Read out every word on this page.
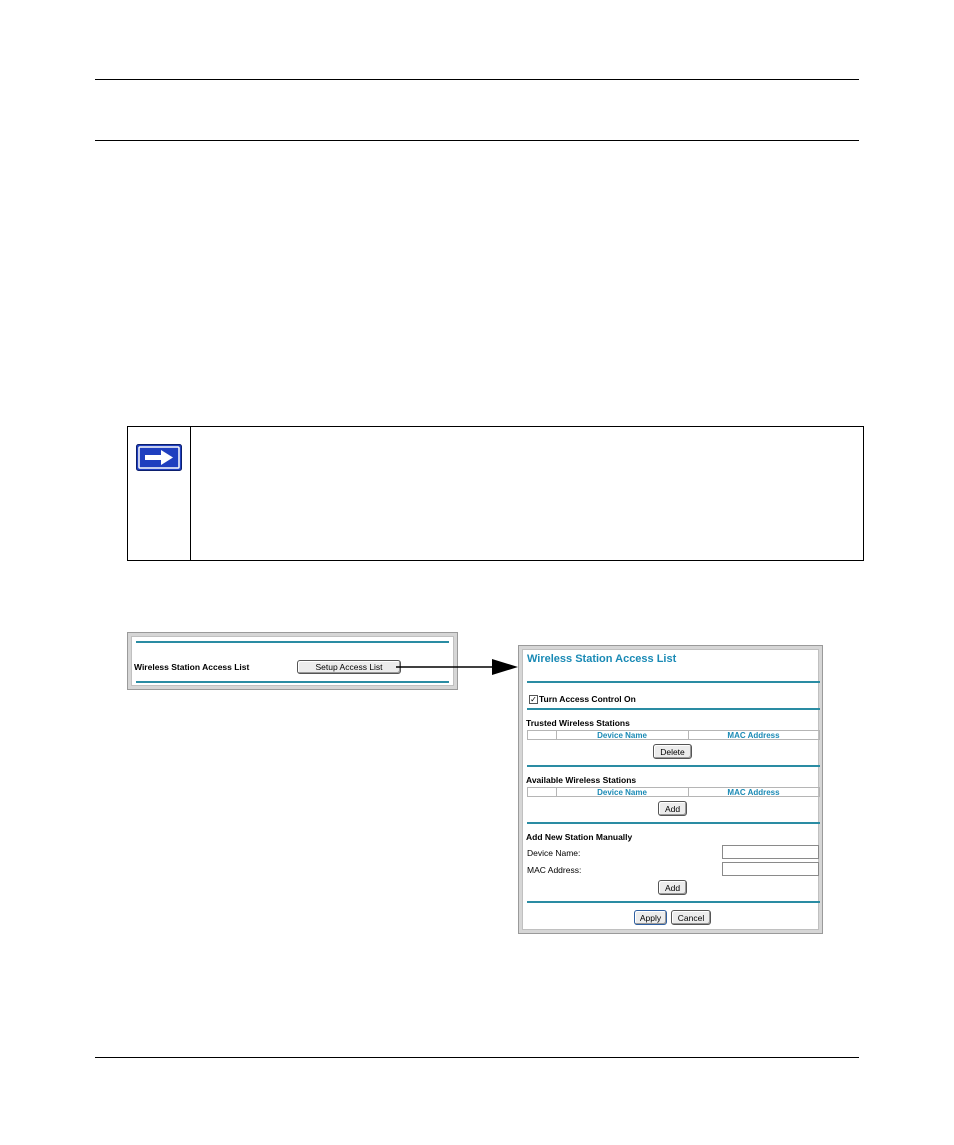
Wireless Station Access List	Setup Access List
Wireless Station Access List
✓ Turn Access Control On
Trusted Wireless Stations
Device Name	MAC Address
Delete
Available Wireless Stations
Device Name	MAC Address
Add
Add New Station Manually
Device Name:
MAC Address:
Add
Apply	Cancel
